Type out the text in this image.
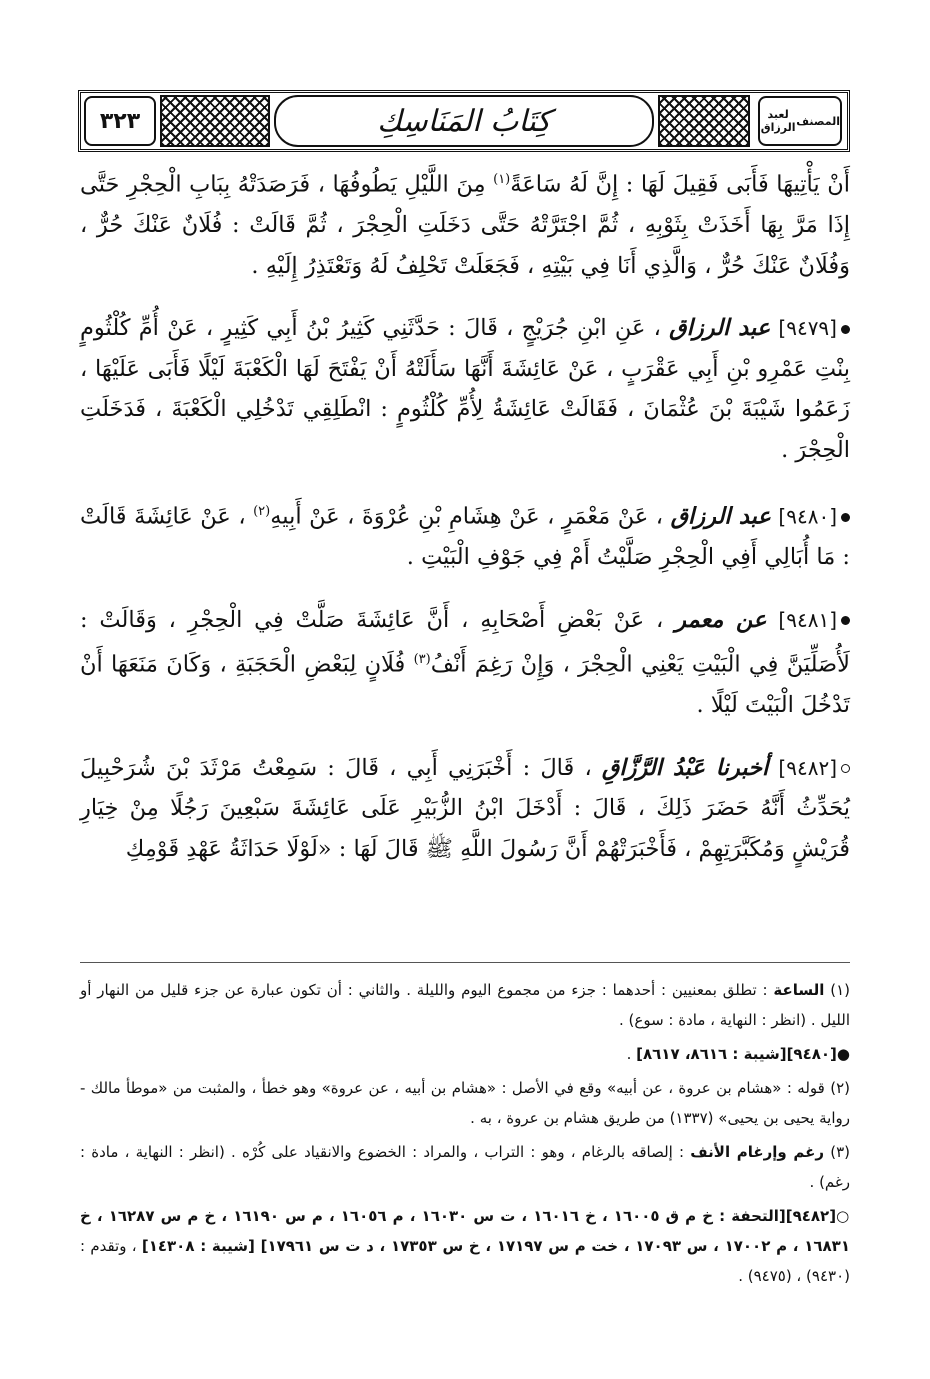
٣٢٣	كِتَابُ المَنَاسِكِ	المصنف
لعبد الرزاق

أَنْ يَأْتِيهَا فَأَبَى فَقِيلَ لَهَا : إِنَّ لَهُ سَاعَةً$^{(١)}$ مِنَ اللَّيْلِ يَطُوفُهَا ، فَرَصَدَتْهُ بِبَابِ الْحِجْرِ حَتَّى إِذَا مَرَّ بِهَا أَخَذَتْ بِثَوْبِهِ ، ثُمَّ اجْتَرَّتْهُ حَتَّى دَخَلَتِ الْحِجْرَ ، ثُمَّ قَالَتْ : فُلَانٌ عَنْكَ حُرٌّ ، وَفُلَانٌ عَنْكَ حُرٌّ ، وَالَّذِي أَنَا فِي بَيْتِهِ ، فَجَعَلَتْ تَحْلِفُ لَهُ وَتَعْتَذِرُ إِلَيْهِ .

[٩٤٧٩] عبد الرزاق ، عَنِ ابْنِ جُرَيْجٍ ، قَالَ : حَدَّثَنِي كَثِيرُ بْنُ أَبِي كَثِيرٍ ، عَنْ أُمِّ كُلْثُومٍ بِنْتِ عَمْرِو بْنِ أَبِي عَقْرَبٍ ، عَنْ عَائِشَةَ أَنَّهَا سَأَلَتْهُ أَنْ يَفْتَحَ لَهَا الْكَعْبَةَ لَيْلًا فَأَبَى عَلَيْهَا ، زَعَمُوا شَيْبَةَ بْنَ عُثْمَانَ ، فَقَالَتْ عَائِشَةُ لِأُمِّ كُلْثُومٍ : انْطَلِقِي تَدْخُلِي الْكَعْبَةَ ، فَدَخَلَتِ الْحِجْرَ .

[٩٤٨٠] عبد الرزاق ، عَنْ مَعْمَرٍ ، عَنْ هِشَامِ بْنِ عُرْوَةَ ، عَنْ أَبِيهِ$^{(٢)}$ ، عَنْ عَائِشَةَ قَالَتْ : مَا أُبَالِي أَفِي الْحِجْرِ صَلَّيْتُ أَمْ فِي جَوْفِ الْبَيْتِ .

[٩٤٨١] عن معمر ، عَنْ بَعْضِ أَصْحَابِهِ ، أَنَّ عَائِشَةَ صَلَّتْ فِي الْحِجْرِ ، وَقَالَتْ : لَأُصَلِّيَنَّ فِي الْبَيْتِ يَعْنِي الْحِجْرَ ، وَإِنْ رَغِمَ أَنْفُ$^{(٣)}$ فُلَانٍ لِبَعْضِ الْحَجَبَةِ ، وَكَانَ مَنَعَهَا أَنْ تَدْخُلَ الْبَيْتَ لَيْلًا .

[٩٤٨٢] أخبرنا عَبْدُ الرَّزَّاقِ ، قَالَ : أَخْبَرَنِي أَبِي ، قَالَ : سَمِعْتُ مَرْثَدَ بْنَ شُرَحْبِيلَ يُحَدِّثُ أَنَّهُ حَضَرَ ذَلِكَ ، قَالَ : أَدْخَلَ ابْنُ الزُّبَيْرِ عَلَى عَائِشَةَ سَبْعِينَ رَجُلًا مِنْ خِيَارِ قُرَيْشٍ وَمُكَبَّرَتِهِمْ ، فَأَخْبَرَتْهُمْ أَنَّ رَسُولَ اللَّهِ ﷺ قَالَ لَهَا : «لَوْلَا حَدَاثَةُ عَهْدِ قَوْمِكِ

(١) الساعة : تطلق بمعنيين : أحدهما : جزء من مجموع اليوم والليلة . والثاني : أن تكون عبارة عن جزء قليل من النهار أو الليل . (انظر : النهاية ، مادة : سوع) .

●[٩٤٨٠][شيبة : ٨٦١٦، ٨٦١٧] .

(٢) قوله : «هشام بن عروة ، عن أبيه» وقع في الأصل : «هشام بن أبيه ، عن عروة» وهو خطأ ، والمثبت من «موطأ مالك - رواية يحيى بن يحيى» (١٣٣٧) من طريق هشام بن عروة ، به .

(٣) رغم وإرغام الأنف : إلصاقه بالرغام ، وهو : التراب ، والمراد : الخضوع والانقياد على كُرْه . (انظر : النهاية ، مادة : رغم) .

○[٩٤٨٢][التحفة : خ م ق ١٦٠٠٥ ، خ ١٦٠١٦ ، ت س ١٦٠٣٠ ، م ١٦٠٥٦ ، م س ١٦١٩٠ ، خ م س ١٦٢٨٧ ، خ ١٦٨٣١ ، م ١٧٠٠٢ ، س ١٧٠٩٣ ، خت م س ١٧١٩٧ ، خ س ١٧٣٥٣ ، د ت س ١٧٩٦١] [شيبة : ١٤٣٠٨] ، وتقدم : (٩٤٣٠) ، (٩٤٧٥) .
